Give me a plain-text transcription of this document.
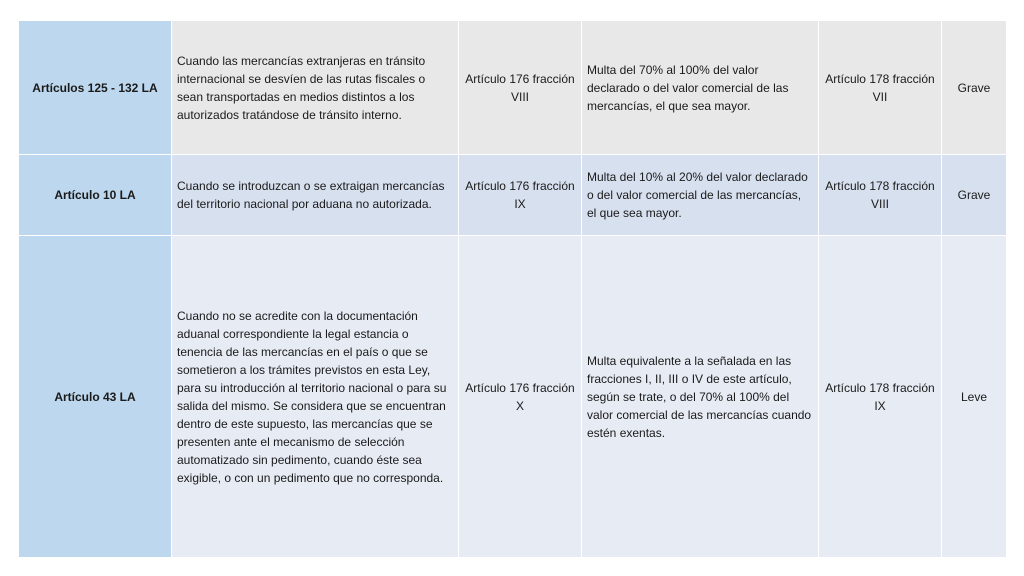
Artículos 125 - 132 LA	Cuando las mercancías extranjeras en tránsito internacional se desvíen de las rutas fiscales o sean transportadas en medios distintos a los autorizados tratándose de tránsito interno.	Artículo 176 fracción VIII	Multa del 70% al 100% del valor declarado o del valor comercial de las mercancías, el que sea mayor.	Artículo 178 fracción VII	Grave
Artículo 10 LA	Cuando se introduzcan o se extraigan mercancías del territorio nacional por aduana no autorizada.	Artículo 176 fracción IX	Multa del 10% al 20% del valor declarado o del valor comercial de las mercancías, el que sea mayor.	Artículo 178 fracción VIII	Grave
Artículo 43 LA	Cuando no se acredite con la documentación aduanal correspondiente la legal estancia o tenencia de las mercancías en el país o que se sometieron a los trámites previstos en esta Ley, para su introducción al territorio nacional o para su salida del mismo. Se considera que se encuentran dentro de este supuesto, las mercancías que se presenten ante el mecanismo de selección automatizado sin pedimento, cuando éste sea exigible, o con un pedimento que no corresponda.	Artículo 176 fracción X	Multa equivalente a la señalada en las fracciones I, II, III o IV de este artículo, según se trate, o del 70% al 100% del valor comercial de las mercancías cuando estén exentas.	Artículo 178 fracción IX	Leve
